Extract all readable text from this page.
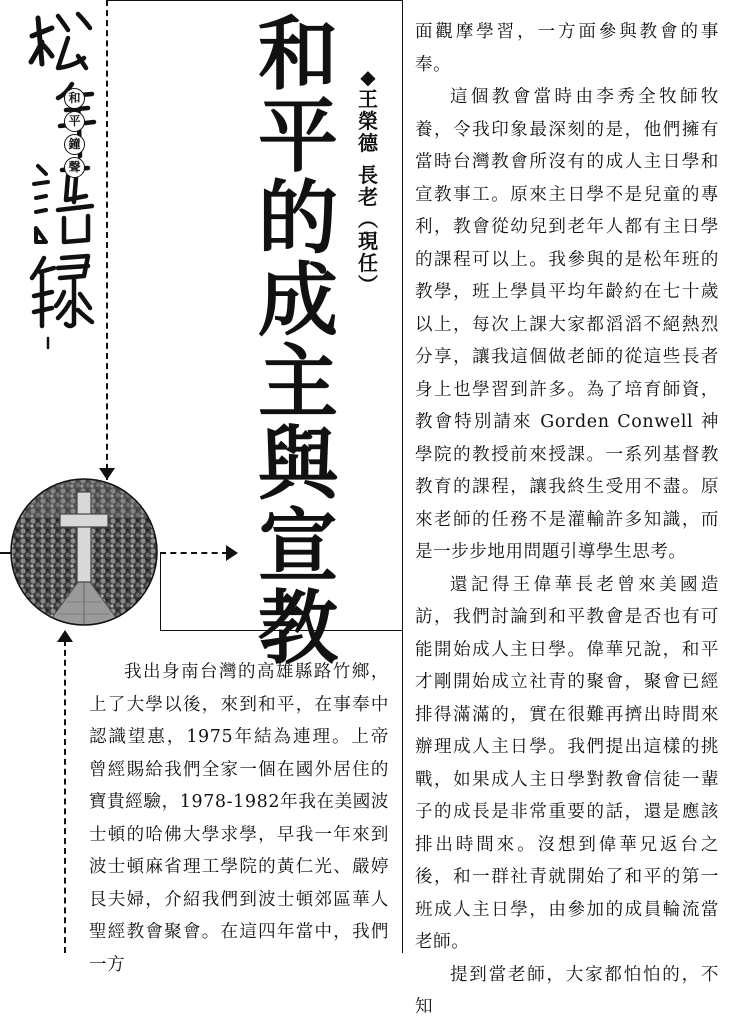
和
平
鐘
聲
和
平
的
成
主
與
宣
教
◆
王
榮
德
長
老
︵
現
任
︶

面觀摩學習，一方面參與教會的事奉。

這個教會當時由李秀全牧師牧養，令我印象最深刻的是，他們擁有當時台灣教會所沒有的成人主日學和宣教事工。原來主日學不是兒童的專利，教會從幼兒到老年人都有主日學的課程可以上。我參與的是松年班的教學，班上學員平均年齡約在七十歲以上，每次上課大家都滔滔不絕熱烈分享，讓我這個做老師的從這些長者身上也學習到許多。為了培育師資，教會特別請來 Gorden Conwell 神學院的教授前來授課。一系列基督教教育的課程，讓我終生受用不盡。原來老師的任務不是灌輸許多知識，而是一步步地用問題引導學生思考。

還記得王偉華長老曾來美國造訪，我們討論到和平教會是否也有可能開始成人主日學。偉華兄說，和平才剛開始成立社青的聚會，聚會已經排得滿滿的，實在很難再擠出時間來辦理成人主日學。我們提出這樣的挑戰，如果成人主日學對教會信徒一輩子的成長是非常重要的話，還是應該排出時間來。沒想到偉華兄返台之後，和一群社青就開始了和平的第一班成人主日學，由參加的成員輪流當老師。

提到當老師，大家都怕怕的，不知

我出身南台灣的高雄縣路竹鄉，上了大學以後，來到和平，在事奉中認識望惠，1975年結為連理。上帝曾經賜給我們全家一個在國外居住的寶貴經驗，1978-1982年我在美國波士頓的哈佛大學求學，早我一年來到波士頓麻省理工學院的黃仁光、嚴婷艮夫婦，介紹我們到波士頓郊區華人聖經教會聚會。在這四年當中，我們一方
